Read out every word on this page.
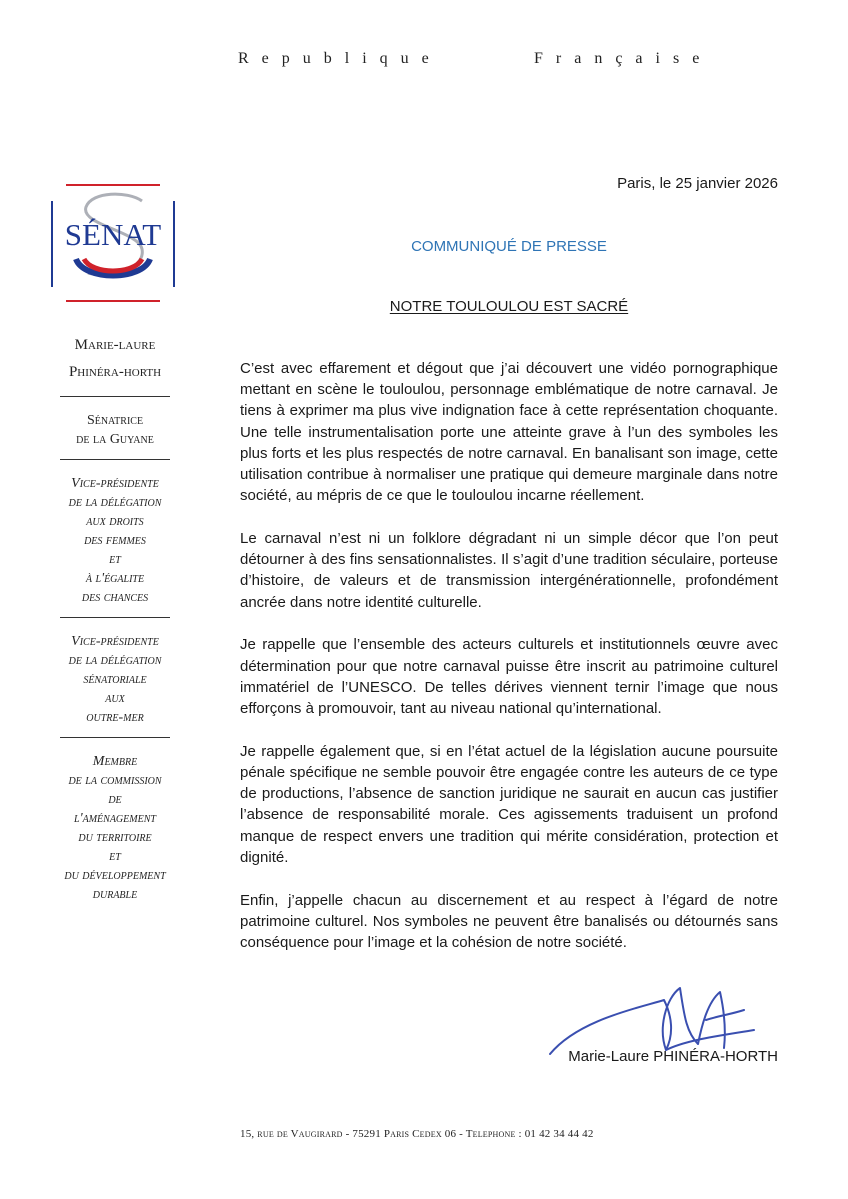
Republique	Française
SÉNAT
Marie-laure
Phinéra-horth
Sénatrice
de la Guyane
Vice-présidente
de la délégation
aux droits
des femmes
et
à l'égalite
des chances
Vice-présidente
de la délégation
sénatoriale
aux
outre-mer
Membre
de la commission
de
l'aménagement
du territoire
et
du développement
durable
Paris, le 25 janvier 2026
COMMUNIQUÉ DE PRESSE
NOTRE TOULOULOU EST SACRÉ

C’est avec effarement et dégout que j’ai découvert une vidéo pornographique mettant en scène le touloulou, personnage emblématique de notre carnaval. Je tiens à exprimer ma plus vive indignation face à cette représentation choquante. Une telle instrumentalisation porte une atteinte grave à l’un des symboles les plus forts et les plus respectés de notre carnaval. En banalisant son image, cette utilisation contribue à normaliser une pratique qui demeure marginale dans notre société, au mépris de ce que le touloulou incarne réellement.

Le carnaval n’est ni un folklore dégradant ni un simple décor que l’on peut détourner à des fins sensationnalistes. Il s’agit d’une tradition séculaire, porteuse d’histoire, de valeurs et de transmission intergénérationnelle, profondément ancrée dans notre identité culturelle.

Je rappelle que l’ensemble des acteurs culturels et institutionnels œuvre avec détermination pour que notre carnaval puisse être inscrit au patrimoine culturel immatériel de l’UNESCO. De telles dérives viennent ternir l’image que nous efforçons à promouvoir, tant au niveau national qu’international.

Je rappelle également que, si en l’état actuel de la législation aucune poursuite pénale spécifique ne semble pouvoir être engagée contre les auteurs de ce type de productions, l’absence de sanction juridique ne saurait en aucun cas justifier l’absence de responsabilité morale. Ces agissements traduisent un profond manque de respect envers une tradition qui mérite considération, protection et dignité.

Enfin, j’appelle chacun au discernement et au respect à l’égard de notre patrimoine culturel. Nos symboles ne peuvent être banalisés ou détournés sans conséquence pour l’image et la cohésion de notre société.

Marie-Laure PHINÉRA-HORTH
15, rue de Vaugirard - 75291 Paris Cedex 06 - Telephone : 01 42 34 44 42
